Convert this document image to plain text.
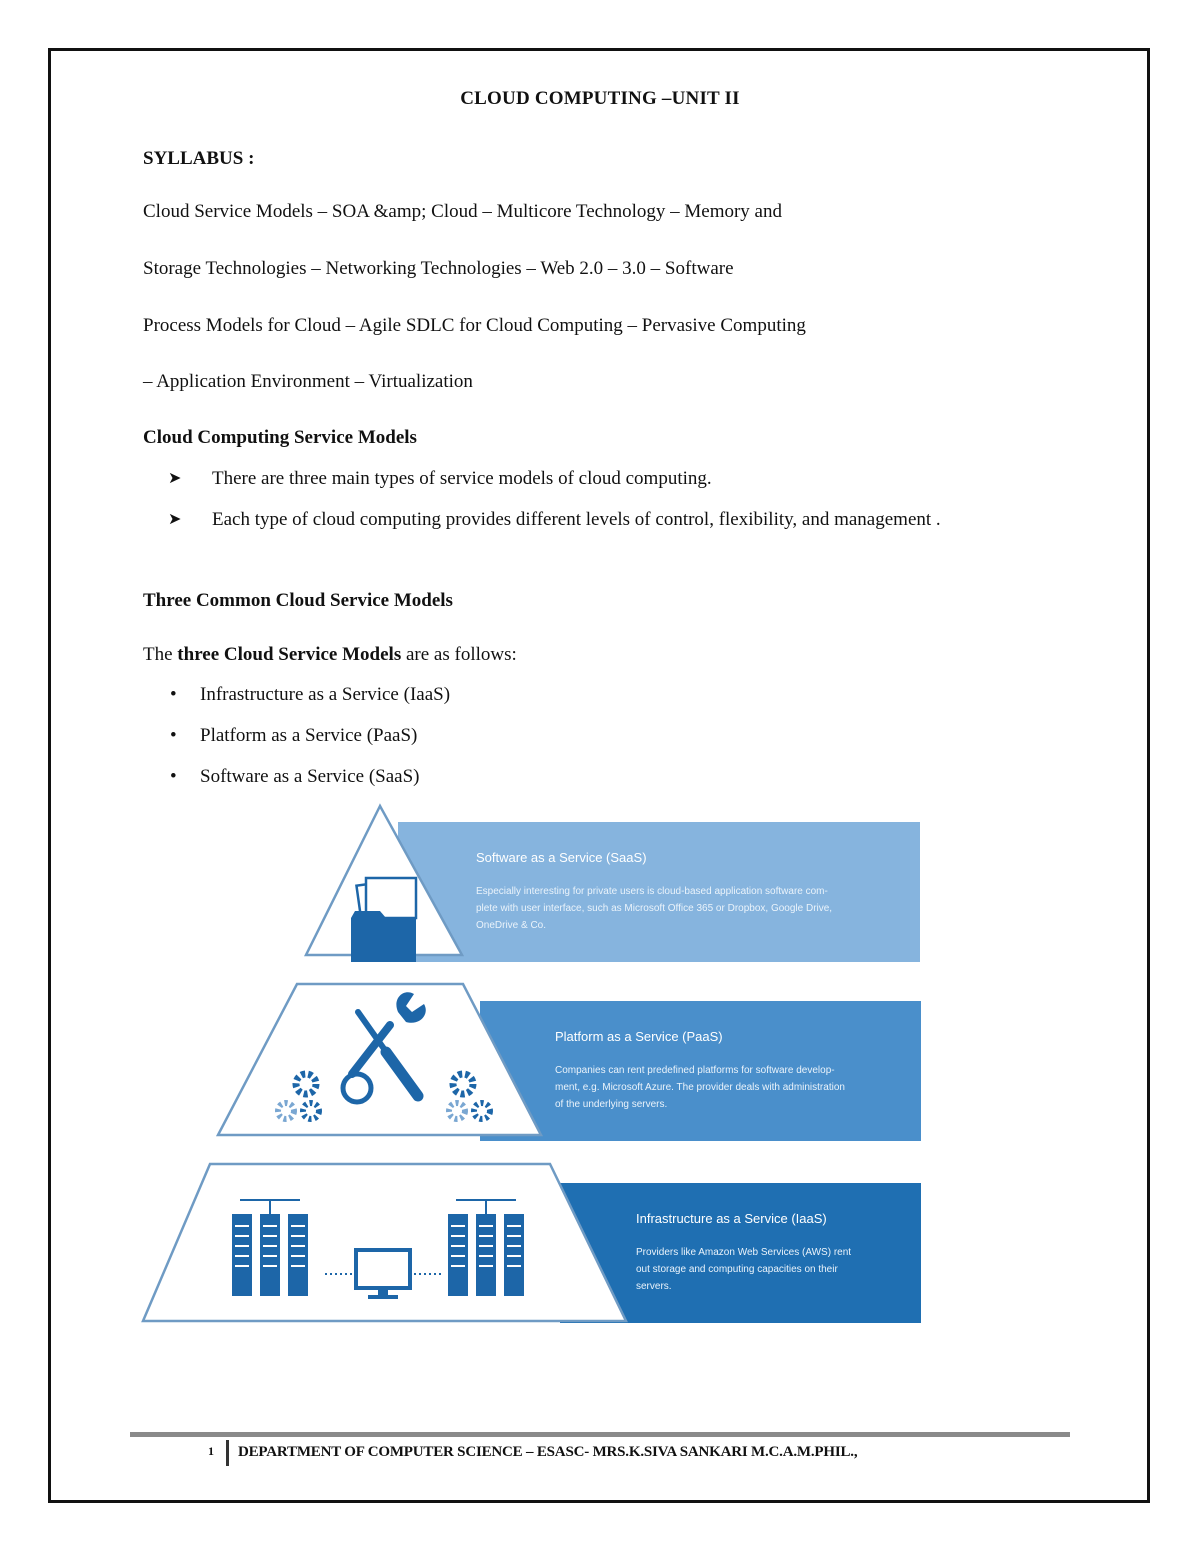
CLOUD COMPUTING –UNIT II
SYLLABUS :
Cloud Service Models – SOA &amp; Cloud – Multicore Technology – Memory and
Storage Technologies – Networking Technologies – Web 2.0 – 3.0 – Software
Process Models for Cloud – Agile SDLC for Cloud Computing – Pervasive Computing
– Application Environment – Virtualization
Cloud Computing Service Models
➤	There are three main types of service models of cloud computing.
➤	Each type of cloud computing provides different levels of control, flexibility, and management .
Three Common Cloud Service Models
The three Cloud Service Models are as follows:
• Infrastructure as a Service (IaaS)
• Platform as a Service (PaaS)
• Software as a Service (SaaS)
Software as a Service (SaaS)
Especially interesting for private users is cloud-based application software com-
plete with user interface, such as Microsoft Office 365 or Dropbox, Google Drive,
OneDrive & Co.
Platform as a Service (PaaS)
Companies can rent predefined platforms for software develop-
ment, e.g. Microsoft Azure. The provider deals with administration
of the underlying servers.
Infrastructure as a Service (IaaS)
Providers like Amazon Web Services (AWS) rent
out storage and computing capacities on their
servers.
1 DEPARTMENT OF COMPUTER SCIENCE – ESASC- MRS.K.SIVA SANKARI M.C.A.M.PHIL.,
